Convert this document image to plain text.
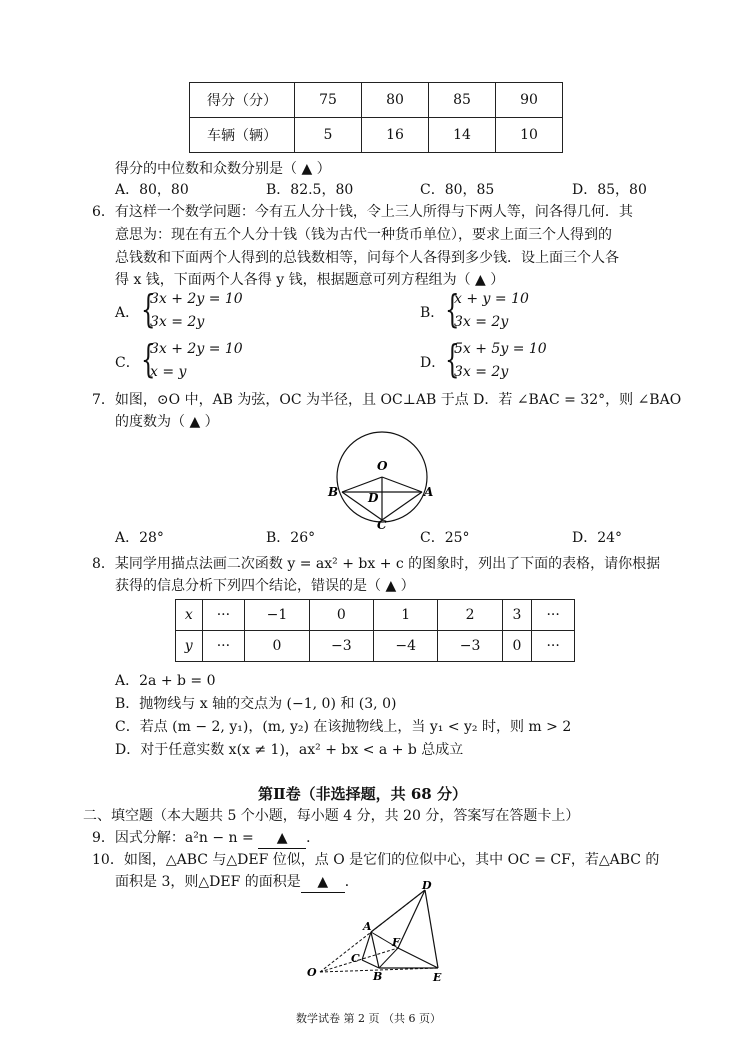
得分（分）	75	80	85	90
车辆（辆）	5	16	14	10
得分的中位数和众数分别是（ ▲ ）
A．80，80	B．82.5，80	C．80，85	D．85，80
6．有这样一个数学问题：今有五人分十钱，令上三人所得与下两人等，问各得几何．其
意思为：现在有五个人分十钱（钱为古代一种货币单位），要求上面三个人得到的
总钱数和下面两个人得到的总钱数相等，问每个人各得到多少钱．设上面三个人各
得 x 钱，下面两个人各得 y 钱，根据题意可列方程组为（ ▲ ）
A． {
3x + 2y = 10
3x = 2y
B． {
x + y = 10
3x = 2y
C． {
3x + 2y = 10
x = y
D． {
5x + 5y = 10
3x = 2y
7．如图，⊙O 中，AB 为弦，OC 为半径，且 OC⊥AB 于点 D．若 ∠BAC = 32°，则 ∠BAO
的度数为（ ▲ ）
O
B D	A
C
A．28°	B．26°	C．25°	D．24°
8．某同学用描点法画二次函数 y = ax² + bx + c 的图象时，列出了下面的表格，请你根据
获得的信息分析下列四个结论，错误的是（ ▲ ）
x	···	−1	0	1	2	3	···
y	···	0	−3	−4	−3	0	···
A．2a + b = 0
B．抛物线与 x 轴的交点为 (−1, 0) 和 (3, 0)
C．若点 (m − 2, y₁)，(m, y₂) 在该抛物线上，当 y₁ < y₂ 时，则 m > 2
D．对于任意实数 x(x ≠ 1)，ax² + bx < a + b 总成立
第Ⅱ卷（非选择题，共 68 分）
二、填空题（本大题共 5 个小题，每小题 4 分，共 20 分，答案写在答题卡上）
9．因式分解：a²n − n = ▲ ．
10．如图，△ABC 与△DEF 位似，点 O 是它们的位似中心，其中 OC = CF，若△ABC 的
面积是 3，则△DEF 的面积是 ▲ ．	D
A
F
C
O	B	E
数学试卷 第 2 页 （共 6 页）
